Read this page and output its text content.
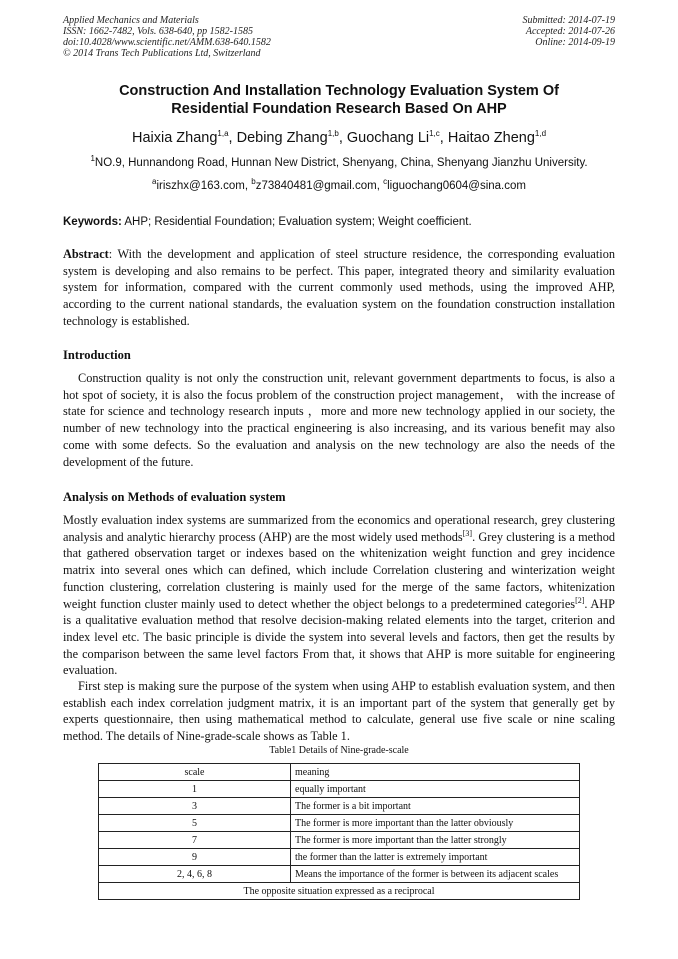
Applied Mechanics and Materials
ISSN: 1662-7482, Vols. 638-640, pp 1582-1585
doi:10.4028/www.scientific.net/AMM.638-640.1582
© 2014 Trans Tech Publications Ltd, Switzerland
Submitted: 2014-07-19
Accepted: 2014-07-26
Online: 2014-09-19
Construction And Installation Technology Evaluation System Of
Residential Foundation Research Based On AHP
Haixia Zhang$^{1,a}$, Debing Zhang$^{1,b}$, Guochang Li$^{1,c}$, Haitao Zheng$^{1,d}$
$^1$NO.9, Hunnandong Road, Hunnan New District, Shenyang, China, Shenyang Jianzhu University.
$^a$iriszhx@163.com, $^b$z73840481@gmail.com, $^c$liguochang0604@sina.com
Keywords: AHP; Residential Foundation; Evaluation system; Weight coefficient.
Abstract: With the development and application of steel structure residence, the corresponding evaluation system is developing and also remains to be perfect. This paper, integrated theory and similarity evaluation system for information, compared with the current commonly used methods, using the improved AHP, according to the current national standards, the evaluation system on the foundation construction installation technology is established.
Introduction
Construction quality is not only the construction unit, relevant government departments to focus, is also a hot spot of society, it is also the focus problem of the construction project management， with the increase of state for science and technology research inputs ，more and more new technology applied in our society, the number of new technology into the practical engineering is also increasing, and its various benefit may also come with some defects. So the evaluation and analysis on the new technology are also the needs of the development of the future.
Analysis on Methods of evaluation system
Mostly evaluation index systems are summarized from the economics and operational research, grey clustering analysis and analytic hierarchy process (AHP) are the most widely used methods[3]. Grey clustering is a method that gathered observation target or indexes based on the whitenization weight function and grey incidence matrix into several ones which can defined, which include Correlation clustering and winterization weight function clustering, correlation clustering is mainly used for the merge of the same factors, whitenization weight function cluster mainly used to detect whether the object belongs to a predetermined categories[2]. AHP is a qualitative evaluation method that resolve decision-making related elements into the target, criterion and index level etc. The basic principle is divide the system into several levels and factors, then get the results by the comparison between the same level factors From that, it shows that AHP is more suitable for engineering evaluation.
First step is making sure the purpose of the system when using AHP to establish evaluation system, and then establish each index correlation judgment matrix, it is an important part of the system that generally get by experts questionnaire, then using mathematical method to calculate, general use five scale or nine scaling method. The details of Nine-grade-scale shows as Table 1.
Table1 Details of Nine-grade-scale
scale	meaning
1	equally important
3	The former is a bit important
5	The former is more important than the latter obviously
7	The former is more important than the latter strongly
9	the former than the latter is extremely important
2, 4, 6, 8	Means the importance of the former is between its adjacent scales
The opposite situation expressed as a reciprocal	
